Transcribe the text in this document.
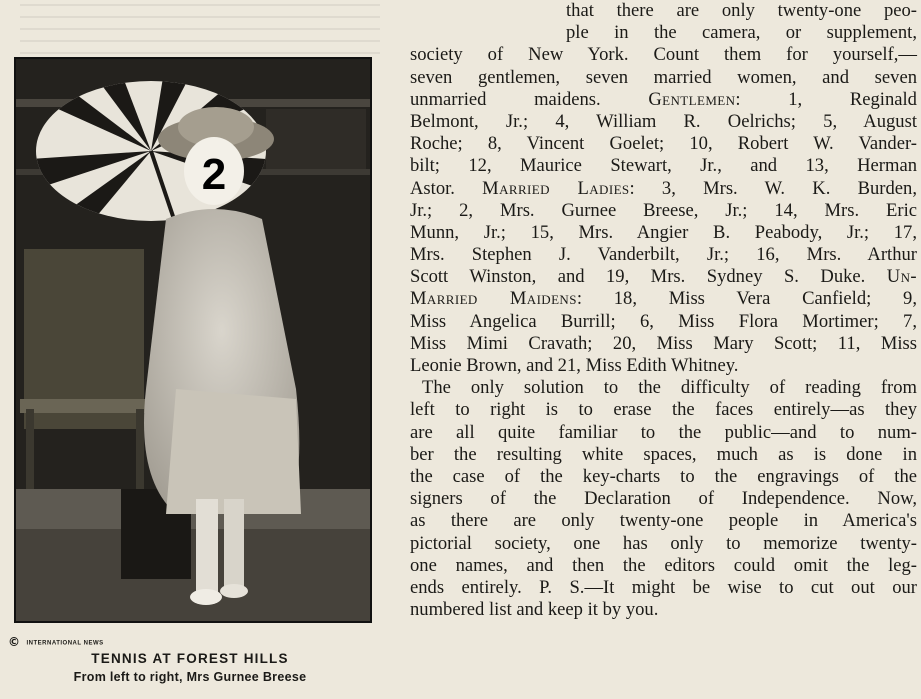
2
© INTERNATIONAL NEWS
TENNIS AT FOREST HILLS
From left to right, Mrs Gurnee Breese
that there are only twenty-one peo-
ple in the camera, or supplement,
society of New York. Count them for yourself,—
seven gentlemen, seven married women, and seven
unmarried maidens. Gentlemen: 1, Reginald
Belmont, Jr.; 4, William R. Oelrichs; 5, August
Roche; 8, Vincent Goelet; 10, Robert W. Vander-
bilt; 12, Maurice Stewart, Jr., and 13, Herman
Astor. Married Ladies: 3, Mrs. W. K. Burden,
Jr.; 2, Mrs. Gurnee Breese, Jr.; 14, Mrs. Eric
Munn, Jr.; 15, Mrs. Angier B. Peabody, Jr.; 17,
Mrs. Stephen J. Vanderbilt, Jr.; 16, Mrs. Arthur
Scott Winston, and 19, Mrs. Sydney S. Duke. Un-
Married Maidens: 18, Miss Vera Canfield; 9,
Miss Angelica Burrill; 6, Miss Flora Mortimer; 7,
Miss Mimi Cravath; 20, Miss Mary Scott; 11, Miss
Leonie Brown, and 21, Miss Edith Whitney.
The only solution to the difficulty of reading from
left to right is to erase the faces entirely—as they
are all quite familiar to the public—and to num-
ber the resulting white spaces, much as is done in
the case of the key-charts to the engravings of the
signers of the Declaration of Independence. Now,
as there are only twenty-one people in America's
pictorial society, one has only to memorize twenty-
one names, and then the editors could omit the leg-
ends entirely. P. S.—It might be wise to cut out our
numbered list and keep it by you.
